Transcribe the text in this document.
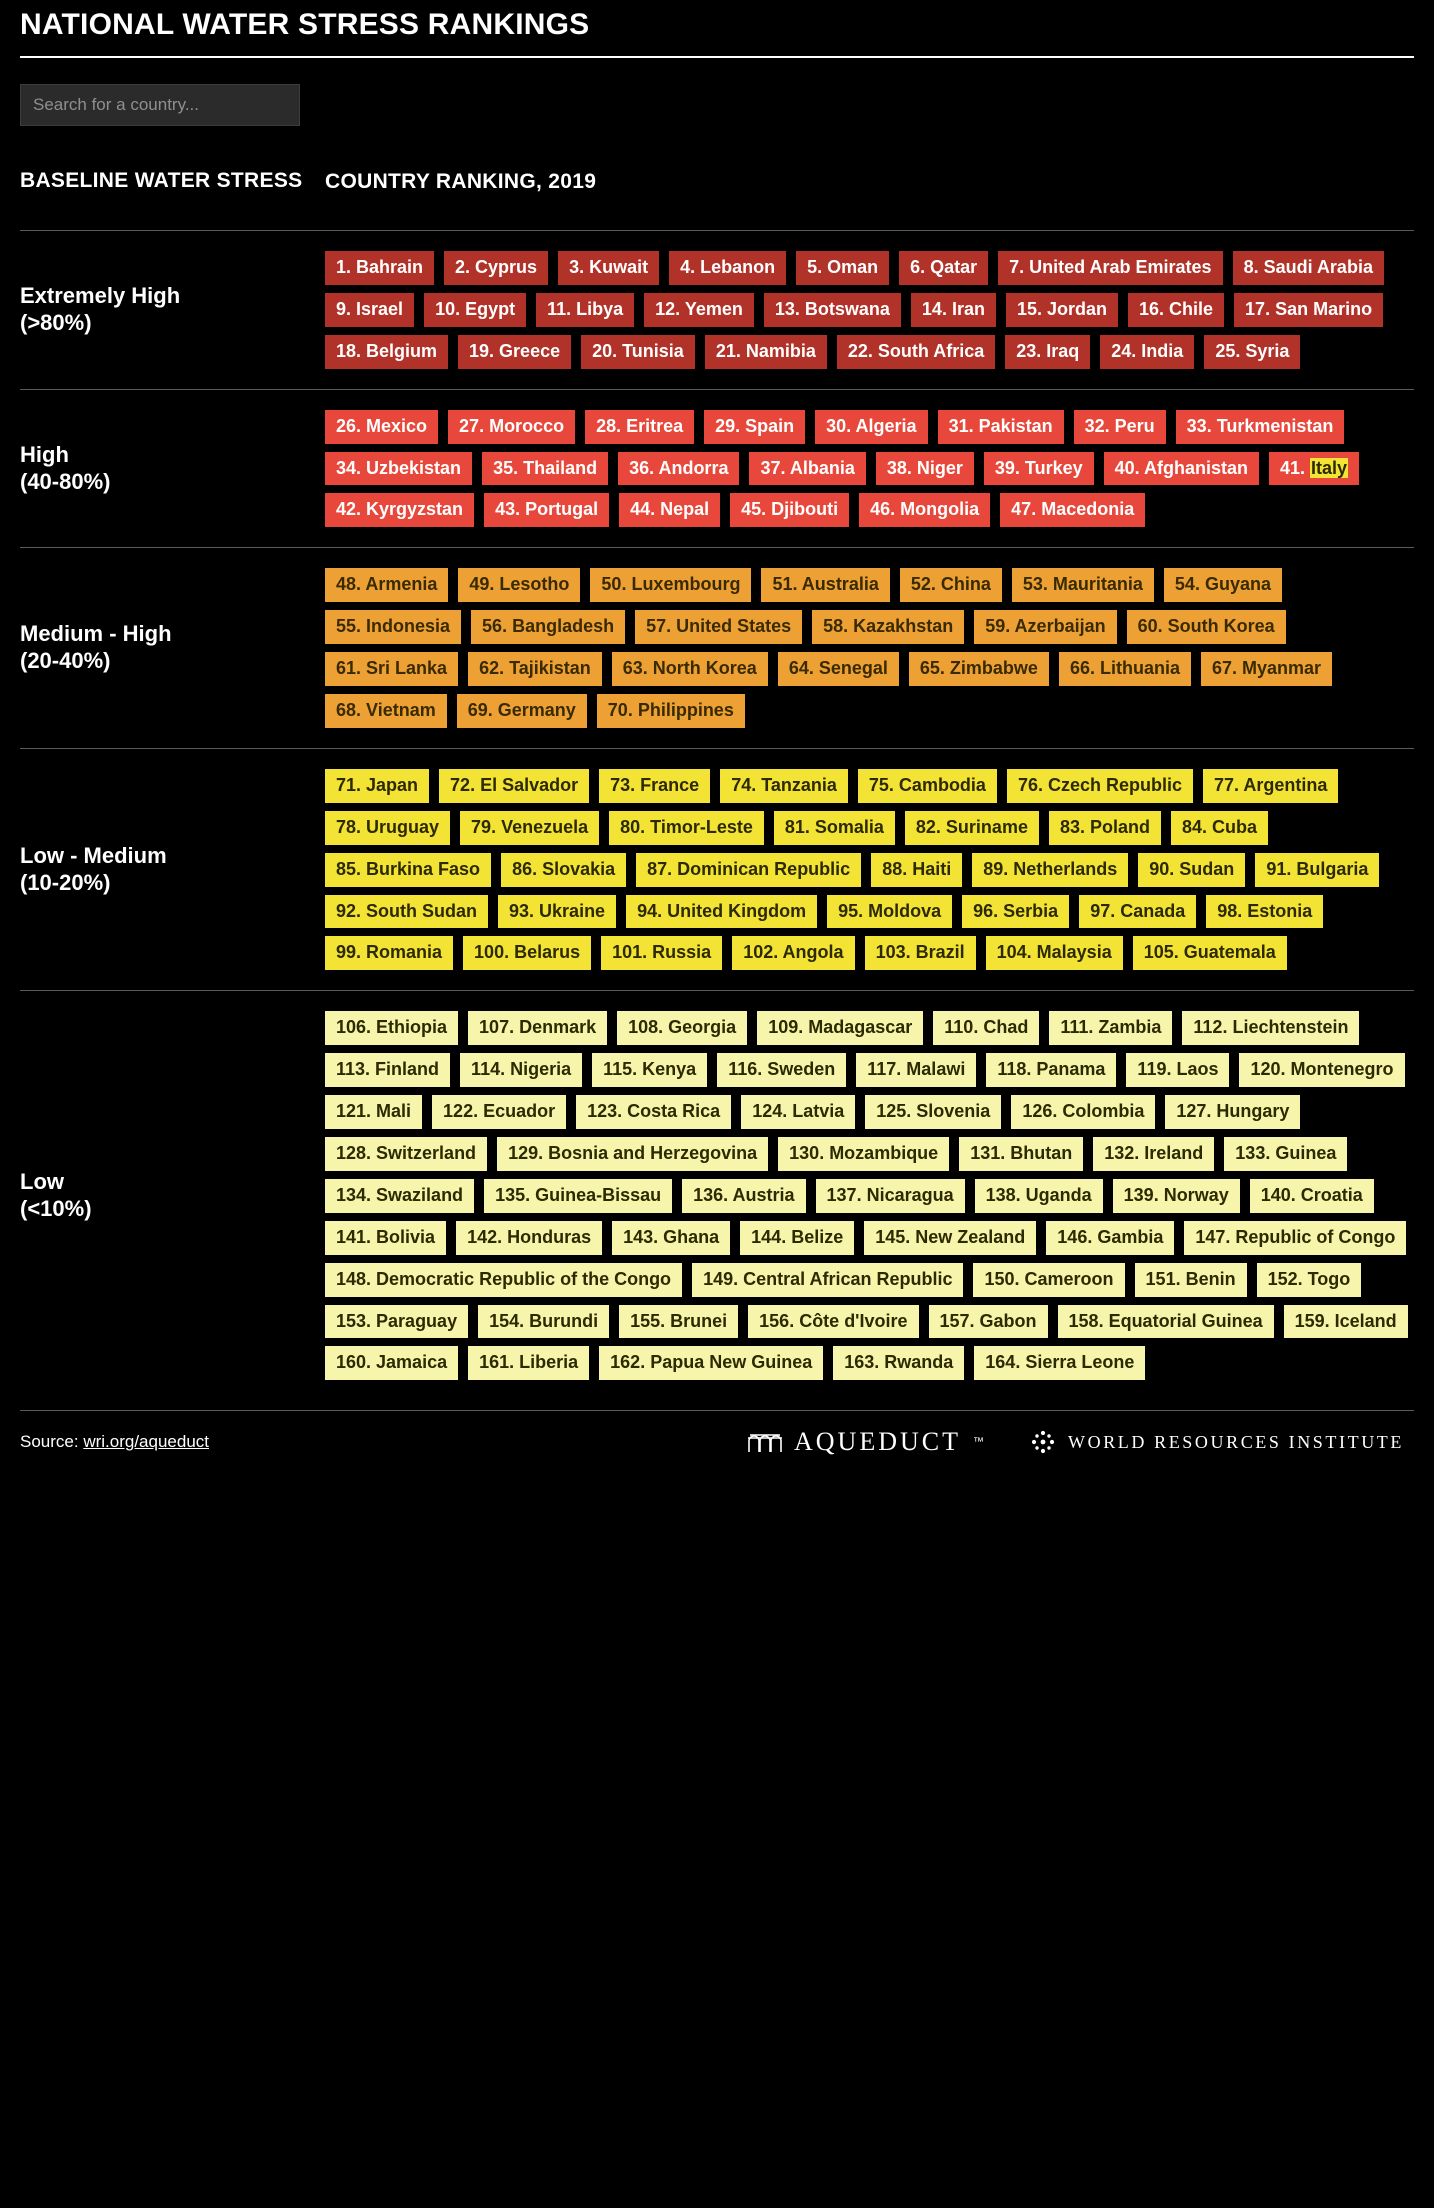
NATIONAL WATER STRESS RANKINGS
Search for a country...
BASELINE WATER STRESS COUNTRY RANKING, 2019
Extremely High
(>80%)
1. Bahrain	2. Cyprus	3. Kuwait	4. Lebanon	5. Oman	6. Qatar	7. United Arab Emirates	8. Saudi Arabia
9. Israel	10. Egypt	11. Libya	12. Yemen	13. Botswana	14. Iran	15. Jordan	16. Chile	17. San Marino
18. Belgium	19. Greece	20. Tunisia	21. Namibia	22. South Africa	23. Iraq	24. India	25. Syria
High
(40-80%)
26. Mexico	27. Morocco	28. Eritrea	29. Spain	30. Algeria	31. Pakistan	32. Peru	33. Turkmenistan
34. Uzbekistan	35. Thailand	36. Andorra	37. Albania	38. Niger	39. Turkey	40. Afghanistan	41. Italy
42. Kyrgyzstan	43. Portugal	44. Nepal	45. Djibouti	46. Mongolia	47. Macedonia
Medium - High
(20-40%)
48. Armenia	49. Lesotho	50. Luxembourg	51. Australia	52. China	53. Mauritania	54. Guyana
55. Indonesia	56. Bangladesh	57. United States	58. Kazakhstan	59. Azerbaijan	60. South Korea
61. Sri Lanka	62. Tajikistan	63. North Korea	64. Senegal	65. Zimbabwe	66. Lithuania	67. Myanmar
68. Vietnam	69. Germany	70. Philippines
Low - Medium
(10-20%)
71. Japan	72. El Salvador	73. France	74. Tanzania	75. Cambodia	76. Czech Republic	77. Argentina
78. Uruguay	79. Venezuela	80. Timor-Leste	81. Somalia	82. Suriname	83. Poland	84. Cuba
85. Burkina Faso	86. Slovakia	87. Dominican Republic	88. Haiti	89. Netherlands	90. Sudan	91. Bulgaria
92. South Sudan	93. Ukraine	94. United Kingdom	95. Moldova	96. Serbia	97. Canada	98. Estonia
99. Romania	100. Belarus	101. Russia	102. Angola	103. Brazil	104. Malaysia	105. Guatemala
Low
(<10%)
106. Ethiopia	107. Denmark	108. Georgia	109. Madagascar	110. Chad	111. Zambia	112. Liechtenstein
113. Finland	114. Nigeria	115. Kenya	116. Sweden	117. Malawi	118. Panama	119. Laos	120. Montenegro
121. Mali	122. Ecuador	123. Costa Rica	124. Latvia	125. Slovenia	126. Colombia	127. Hungary
128. Switzerland	129. Bosnia and Herzegovina	130. Mozambique	131. Bhutan	132. Ireland	133. Guinea
134. Swaziland	135. Guinea-Bissau	136. Austria	137. Nicaragua	138. Uganda	139. Norway	140. Croatia
141. Bolivia	142. Honduras	143. Ghana	144. Belize	145. New Zealand	146. Gambia	147. Republic of Congo
148. Democratic Republic of the Congo	149. Central African Republic	150. Cameroon	151. Benin	152. Togo
153. Paraguay	154. Burundi	155. Brunei	156. Côte d'Ivoire	157. Gabon	158. Equatorial Guinea	159. Iceland
160. Jamaica	161. Liberia	162. Papua New Guinea	163. Rwanda	164. Sierra Leone
Source: wri.org/aqueduct	AQUEDUCT ™	WORLD RESOURCES INSTITUTE
